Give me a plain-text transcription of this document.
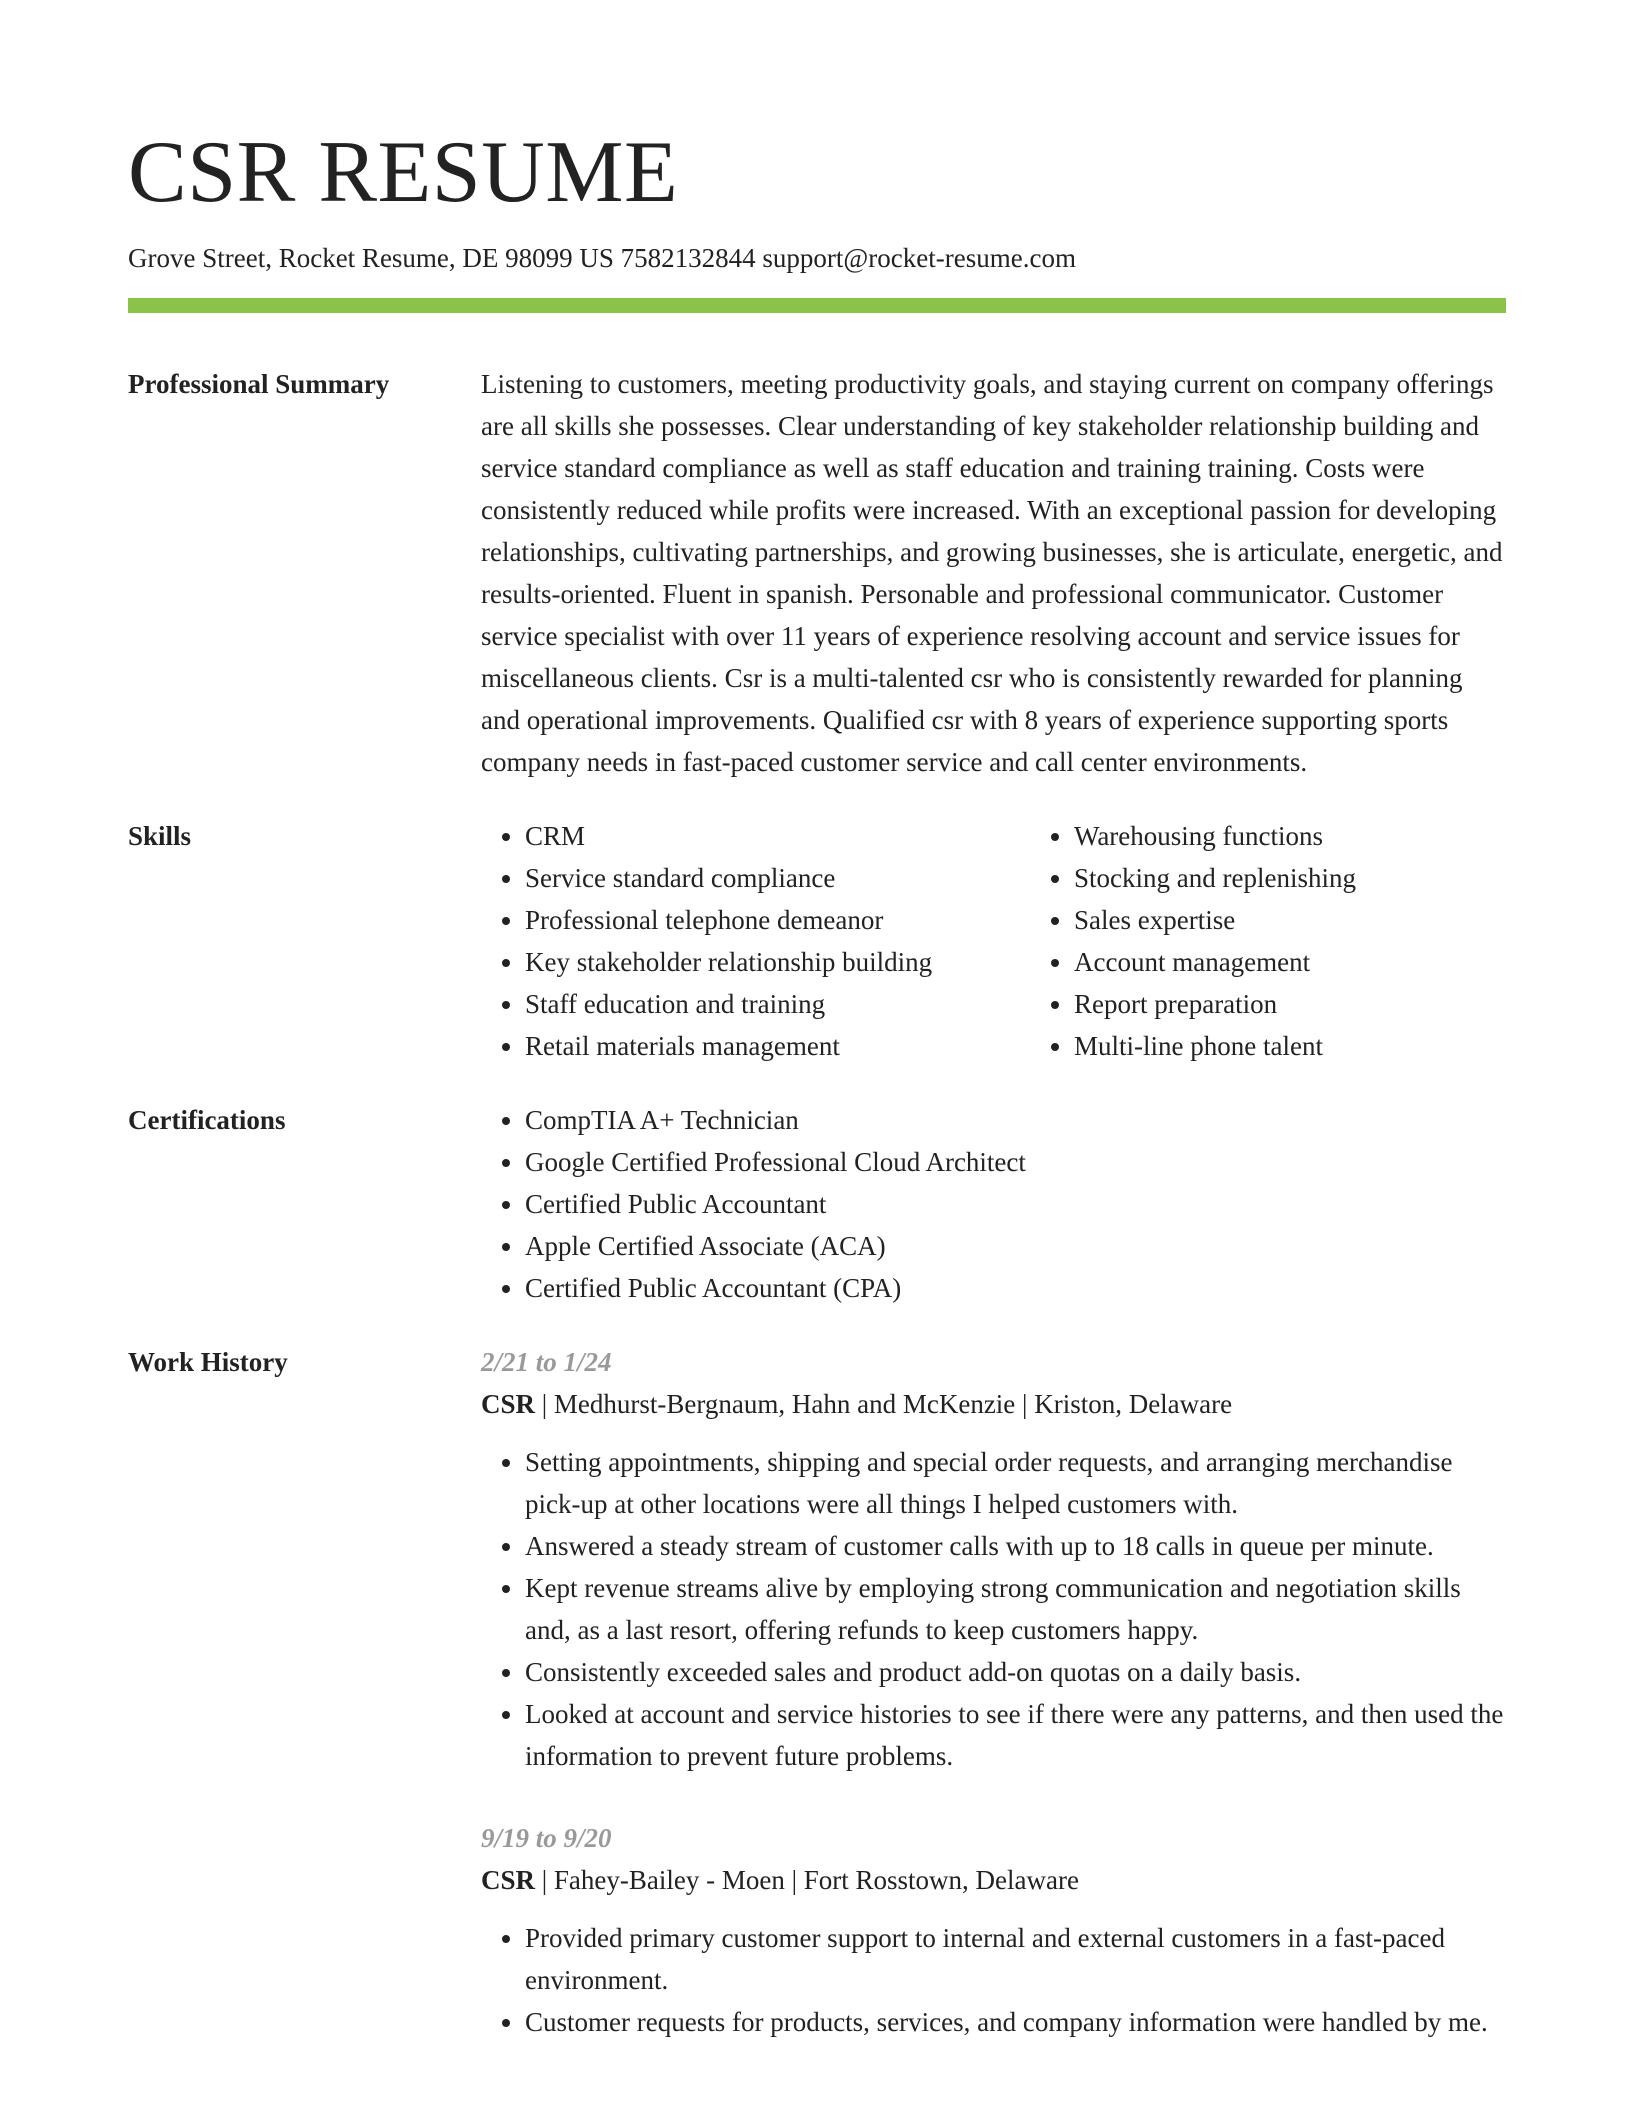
CSR RESUME
Grove Street, Rocket Resume, DE 98099 US 7582132844 support@rocket-resume.com
Professional Summary	Listening to customers, meeting productivity goals, and staying current on company offerings are all skills she possesses. Clear understanding of key stakeholder relationship building and service standard compliance as well as staff education and training training. Costs were consistently reduced while profits were increased. With an exceptional passion for developing relationships, cultivating partnerships, and growing businesses, she is articulate, energetic, and results-oriented. Fluent in spanish. Personable and professional communicator. Customer service specialist with over 11 years of experience resolving account and service issues for miscellaneous clients. Csr is a multi-talented csr who is consistently rewarded for planning and operational improvements. Qualified csr with 8 years of experience supporting sports company needs in fast-paced customer service and call center environments.
Skills	• CRM
• Service standard compliance
• Professional telephone demeanor
• Key stakeholder relationship building
• Staff education and training
• Retail materials management
• Warehousing functions
• Stocking and replenishing
• Sales expertise
• Account management
• Report preparation
• Multi-line phone talent
Certifications	• CompTIA A+ Technician
• Google Certified Professional Cloud Architect
• Certified Public Accountant
• Apple Certified Associate (ACA)
• Certified Public Accountant (CPA)
Work History	2/21 to 1/24
CSR | Medhurst-Bergnaum, Hahn and McKenzie | Kriston, Delaware
• Setting appointments, shipping and special order requests, and arranging merchandise pick-up at other locations were all things I helped customers with.
• Answered a steady stream of customer calls with up to 18 calls in queue per minute.
• Kept revenue streams alive by employing strong communication and negotiation skills and, as a last resort, offering refunds to keep customers happy.
• Consistently exceeded sales and product add-on quotas on a daily basis.
• Looked at account and service histories to see if there were any patterns, and then used the information to prevent future problems.
9/19 to 9/20
CSR | Fahey-Bailey - Moen | Fort Rosstown, Delaware
• Provided primary customer support to internal and external customers in a fast-paced environment.
• Customer requests for products, services, and company information were handled by me.
